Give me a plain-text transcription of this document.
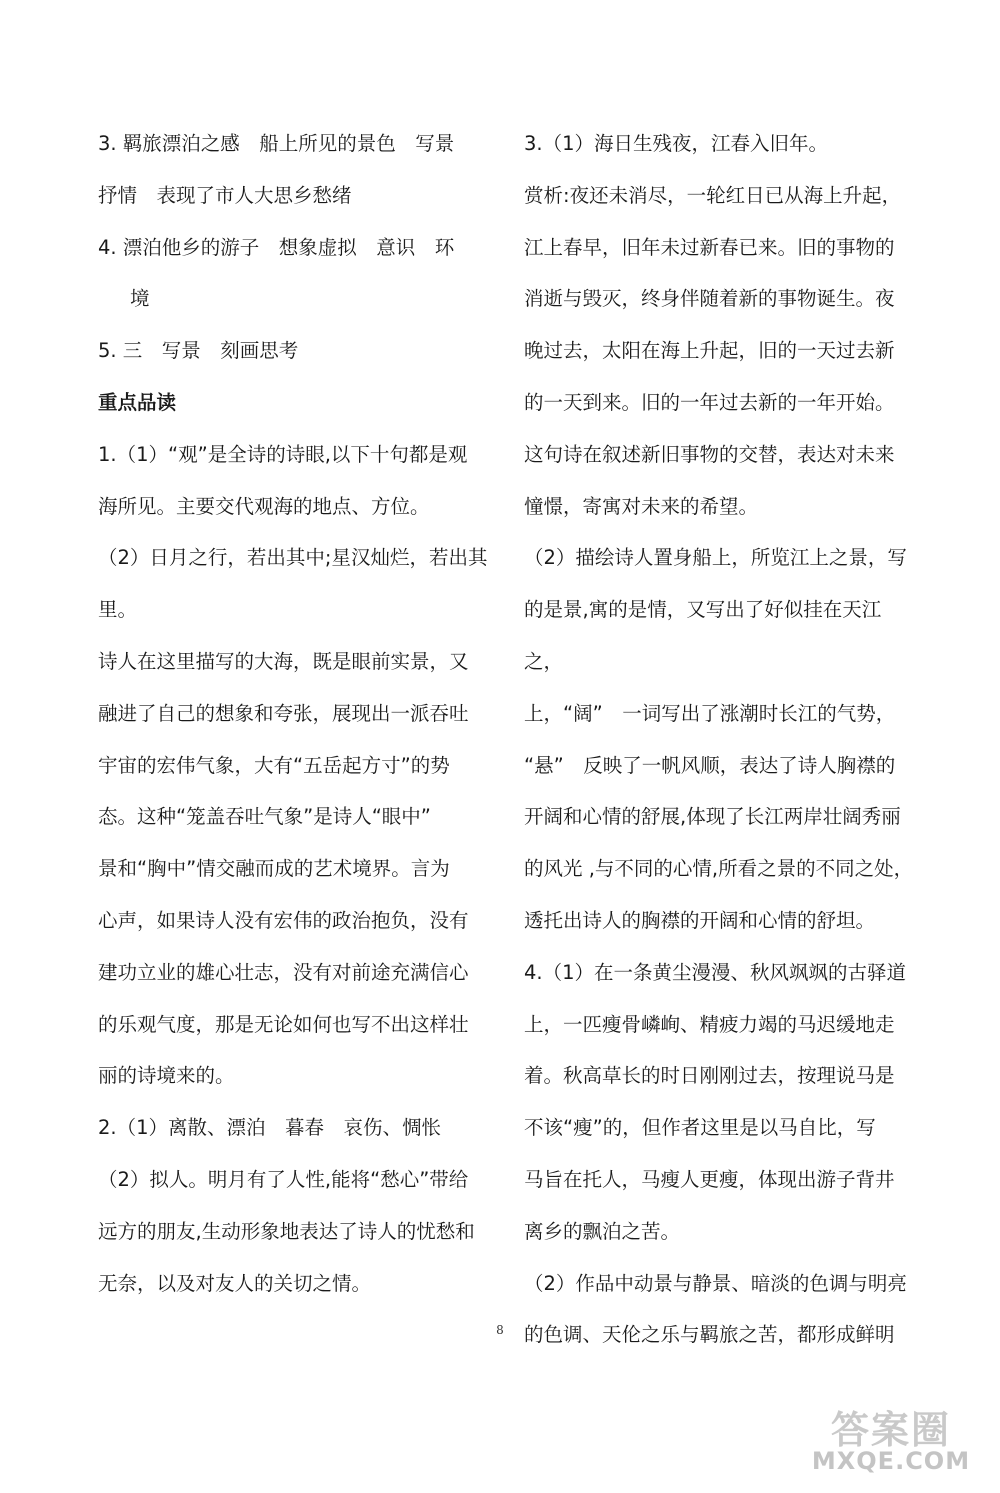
3. 羁旅漂泊之感　船上所见的景色　写景

抒情　表现了市人大思乡愁绪

4. 漂泊他乡的游子　想象虚拟　意识　环

境

5. 三　写景　刻画思考

重点品读

1.（1）“观”是全诗的诗眼,以下十句都是观

海所见。主要交代观海的地点、方位。

（2）日月之行，若出其中;星汉灿烂，若出其

里。

诗人在这里描写的大海，既是眼前实景，又

融进了自己的想象和夸张，展现出一派吞吐

宇宙的宏伟气象，大有“五岳起方寸”的势

态。这种“笼盖吞吐气象”是诗人“眼中”

景和“胸中”情交融而成的艺术境界。言为

心声，如果诗人没有宏伟的政治抱负，没有

建功立业的雄心壮志，没有对前途充满信心

的乐观气度，那是无论如何也写不出这样壮

丽的诗境来的。

2.（1）离散、漂泊　暮春　哀伤、惆怅

（2）拟人。明月有了人性,能将“愁心”带给

远方的朋友,生动形象地表达了诗人的忧愁和

无奈，以及对友人的关切之情。

3.（1）海日生残夜，江春入旧年。

赏析:夜还未消尽，一轮红日已从海上升起，

江上春早，旧年未过新春已来。旧的事物的

消逝与毁灭，终身伴随着新的事物诞生。夜

晚过去，太阳在海上升起，旧的一天过去新

的一天到来。旧的一年过去新的一年开始。

这句诗在叙述新旧事物的交替，表达对未来

憧憬，寄寓对未来的希望。

（2）描绘诗人置身船上，所览江上之景，写

的是景,寓的是情，又写出了好似挂在天江之，

上，“阔”　一词写出了涨潮时长江的气势，

“悬”　反映了一帆风顺，表达了诗人胸襟的

开阔和心情的舒展,体现了长江两岸壮阔秀丽

的风光 ,与不同的心情,所看之景的不同之处，

透托出诗人的胸襟的开阔和心情的舒坦。

4.（1）在一条黄尘漫漫、秋风飒飒的古驿道

上，一匹瘦骨嶙峋、精疲力竭的马迟缓地走

着。秋高草长的时日刚刚过去，按理说马是

不该“瘦”的，但作者这里是以马自比，写

马旨在托人，马瘦人更瘦，体现出游子背井

离乡的飘泊之苦。

（2）作品中动景与静景、暗淡的色调与明亮

的色调、天伦之乐与羁旅之苦，都形成鲜明

8
答案圈
MXQE.COM
